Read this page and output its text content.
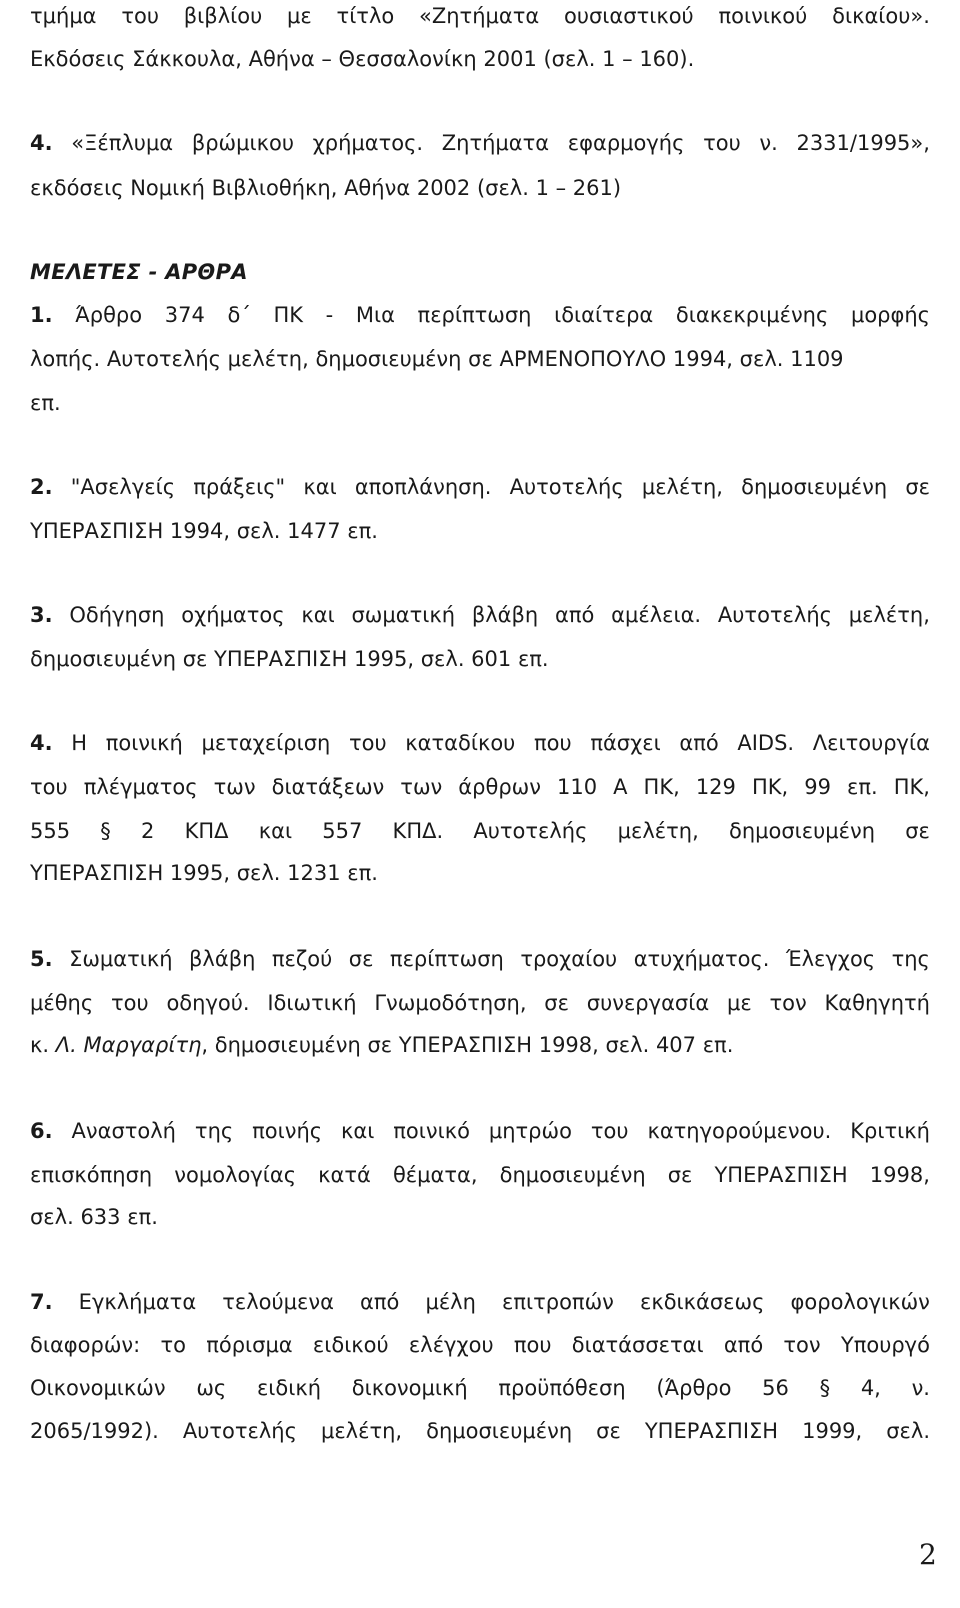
τμήμα του βιβλίου με τίτλο «Ζητήματα ουσιαστικού ποινικού δικαίου».
Εκδόσεις Σάκκουλα, Αθήνα – Θεσσαλονίκη 2001 (σελ. 1 – 160).
4. «Ξέπλυμα βρώμικου χρήματος. Ζητήματα εφαρμογής του ν. 2331/1995»,
εκδόσεις Νομική Βιβλιοθήκη, Αθήνα 2002 (σελ. 1 – 261)
ΜΕΛΕΤΕΣ - ΑΡΘΡΑ
1. Άρθρο 374 δ΄ ΠΚ - Μια περίπτωση ιδιαίτερα διακεκριμένης μορφής
λοπής. Αυτοτελής μελέτη, δημοσιευμένη σε ΑΡΜΕΝΟΠΟΥΛΟ 1994, σελ. 1109
επ.
2. "Ασελγείς πράξεις" και αποπλάνηση. Αυτοτελής μελέτη, δημοσιευμένη σε
ΥΠΕΡΑΣΠΙΣΗ 1994, σελ. 1477 επ.
3. Οδήγηση οχήματος και σωματική βλάβη από αμέλεια. Αυτοτελής μελέτη,
δημοσιευμένη σε ΥΠΕΡΑΣΠΙΣΗ 1995, σελ. 601 επ.
4. Η ποινική μεταχείριση του καταδίκου που πάσχει από AIDS. Λειτουργία
του πλέγματος των διατάξεων των άρθρων 110 Α ΠΚ, 129 ΠΚ, 99 επ. ΠΚ,
555 § 2 ΚΠΔ και 557 ΚΠΔ. Αυτοτελής μελέτη, δημοσιευμένη σε
ΥΠΕΡΑΣΠΙΣΗ 1995, σελ. 1231 επ.
5. Σωματική βλάβη πεζού σε περίπτωση τροχαίου ατυχήματος. Έλεγχος της
μέθης του οδηγού. Ιδιωτική Γνωμοδότηση, σε συνεργασία με τον Καθηγητή
κ. Λ. Μαργαρίτη, δημοσιευμένη σε ΥΠΕΡΑΣΠΙΣΗ 1998, σελ. 407 επ.
6. Αναστολή της ποινής και ποινικό μητρώο του κατηγορούμενου. Κριτική
επισκόπηση νομολογίας κατά θέματα, δημοσιευμένη σε ΥΠΕΡΑΣΠΙΣΗ 1998,
σελ. 633 επ.
7. Εγκλήματα τελούμενα από μέλη επιτροπών εκδικάσεως φορολογικών
διαφορών: το πόρισμα ειδικού ελέγχου που διατάσσεται από τον Υπουργό
Οικονομικών ως ειδική δικονομική προϋπόθεση (Άρθρο 56 § 4, ν.
2065/1992). Αυτοτελής μελέτη, δημοσιευμένη σε ΥΠΕΡΑΣΠΙΣΗ 1999, σελ.
2
